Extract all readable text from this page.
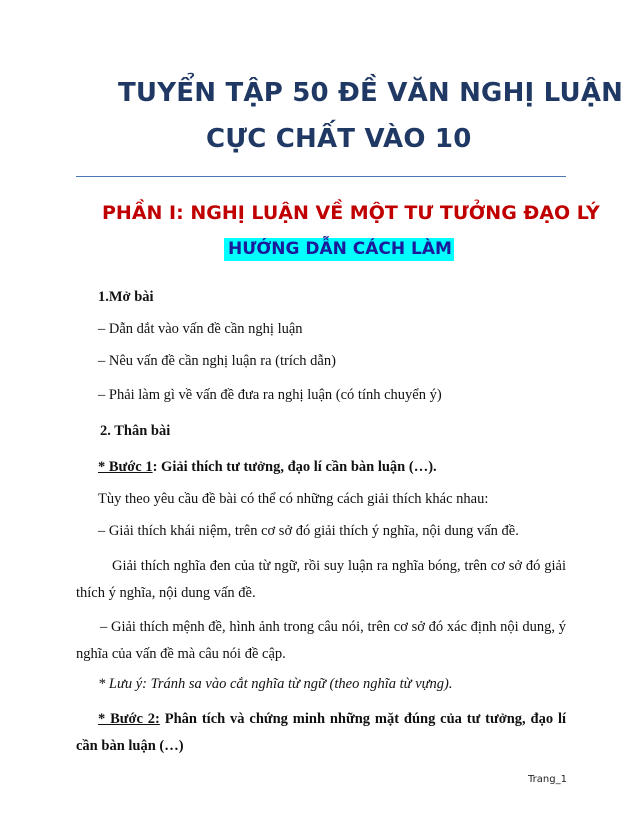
TUYỂN TẬP 50 ĐỀ VĂN NGHỊ LUẬN
CỰC CHẤT VÀO 10
PHẦN I: NGHỊ LUẬN VỀ MỘT TƯ TƯỞNG ĐẠO LÝ
HƯỚNG DẪN CÁCH LÀM
1.Mở bài
– Dẫn dắt vào vấn đề cần nghị luận
– Nêu vấn đề cần nghị luận ra (trích dẫn)
– Phải làm gì về vấn đề đưa ra nghị luận (có tính chuyển ý)
2. Thân bài
* Bước 1: Giải thích tư tưởng, đạo lí cần bàn luận (…).
Tùy theo yêu cầu đề bài có thể có những cách giải thích khác nhau:
– Giải thích khái niệm, trên cơ sở đó giải thích ý nghĩa, nội dung vấn đề.
Giải thích nghĩa đen của từ ngữ, rồi suy luận ra nghĩa bóng, trên cơ sở đó giải thích ý nghĩa, nội dung vấn đề.
– Giải thích mệnh đề, hình ảnh trong câu nói, trên cơ sở đó xác định nội dung, ý nghĩa của vấn đề mà câu nói đề cập.
* Lưu ý: Tránh sa vào cắt nghĩa từ ngữ (theo nghĩa từ vựng).
* Bước 2: Phân tích và chứng minh những mặt đúng của tư tưởng, đạo lí cần bàn luận (…)
Trang_1
